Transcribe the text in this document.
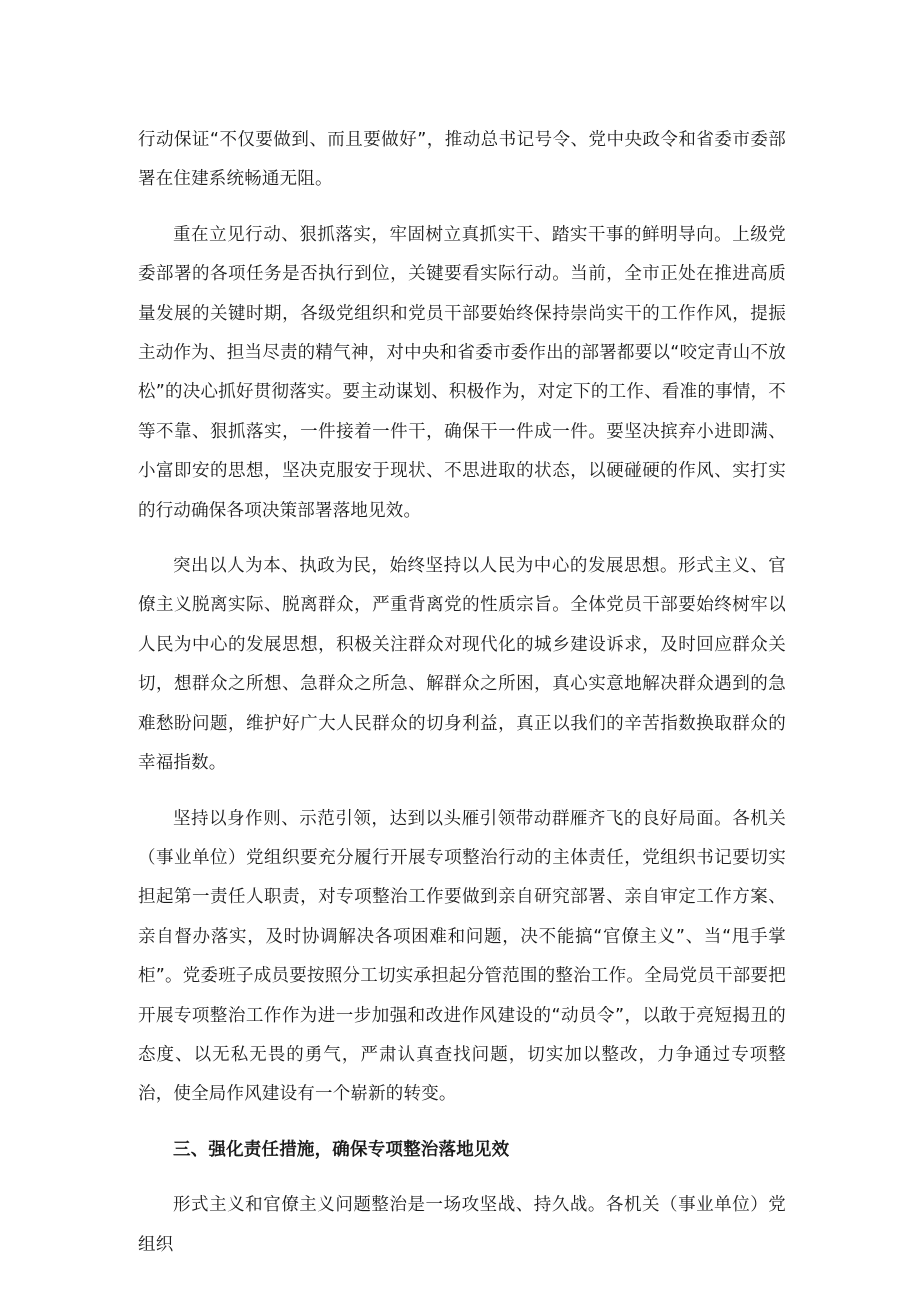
行动保证“不仅要做到、而且要做好”，推动总书记号令、党中央政令和省委市委部署在住建系统畅通无阻。

重在立见行动、狠抓落实，牢固树立真抓实干、踏实干事的鲜明导向。上级党委部署的各项任务是否执行到位，关键要看实际行动。当前，全市正处在推进高质量发展的关键时期，各级党组织和党员干部要始终保持崇尚实干的工作作风，提振主动作为、担当尽责的精气神，对中央和省委市委作出的部署都要以“咬定青山不放松”的决心抓好贯彻落实。要主动谋划、积极作为，对定下的工作、看准的事情，不等不靠、狠抓落实，一件接着一件干，确保干一件成一件。要坚决摈弃小进即满、小富即安的思想，坚决克服安于现状、不思进取的状态，以硬碰硬的作风、实打实的行动确保各项决策部署落地见效。

突出以人为本、执政为民，始终坚持以人民为中心的发展思想。形式主义、官僚主义脱离实际、脱离群众，严重背离党的性质宗旨。全体党员干部要始终树牢以人民为中心的发展思想，积极关注群众对现代化的城乡建设诉求，及时回应群众关切，想群众之所想、急群众之所急、解群众之所困，真心实意地解决群众遇到的急难愁盼问题，维护好广大人民群众的切身利益，真正以我们的辛苦指数换取群众的幸福指数。

坚持以身作则、示范引领，达到以头雁引领带动群雁齐飞的良好局面。各机关（事业单位）党组织要充分履行开展专项整治行动的主体责任，党组织书记要切实担起第一责任人职责，对专项整治工作要做到亲自研究部署、亲自审定工作方案、亲自督办落实，及时协调解决各项困难和问题，决不能搞“官僚主义”、当“甩手掌柜”。党委班子成员要按照分工切实承担起分管范围的整治工作。全局党员干部要把开展专项整治工作作为进一步加强和改进作风建设的“动员令”，以敢于亮短揭丑的态度、以无私无畏的勇气，严肃认真查找问题，切实加以整改，力争通过专项整治，使全局作风建设有一个崭新的转变。

三、强化责任措施，确保专项整治落地见效

形式主义和官僚主义问题整治是一场攻坚战、持久战。各机关（事业单位）党组织
